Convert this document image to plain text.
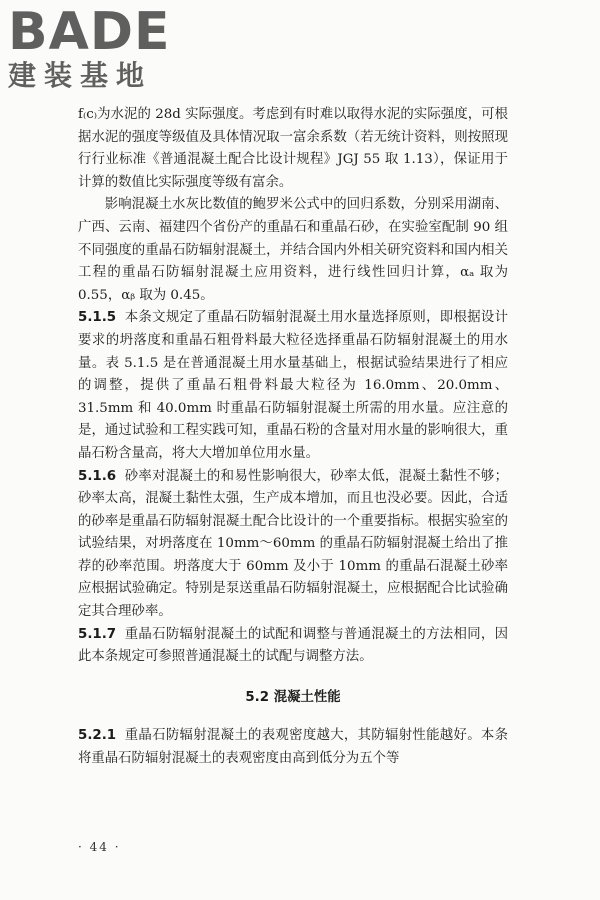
BADE
建装基地

f₍c₎为水泥的 28d 实际强度。考虑到有时难以取得水泥的实际强度，可根据水泥的强度等级值及具体情况取一富余系数（若无统计资料，则按照现行行业标准《普通混凝土配合比设计规程》JGJ 55 取 1.13），保证用于计算的数值比实际强度等级有富余。

影响混凝土水灰比数值的鲍罗米公式中的回归系数，分别采用湖南、广西、云南、福建四个省份产的重晶石和重晶石砂，在实验室配制 90 组不同强度的重晶石防辐射混凝土，并结合国内外相关研究资料和国内相关工程的重晶石防辐射混凝土应用资料，进行线性回归计算，αₐ 取为 0.55，αᵦ 取为 0.45。

5.1.5 本条文规定了重晶石防辐射混凝土用水量选择原则，即根据设计要求的坍落度和重晶石粗骨料最大粒径选择重晶石防辐射混凝土的用水量。表 5.1.5 是在普通混凝土用水量基础上，根据试验结果进行了相应的调整，提供了重晶石粗骨料最大粒径为 16.0mm、20.0mm、31.5mm 和 40.0mm 时重晶石防辐射混凝土所需的用水量。应注意的是，通过试验和工程实践可知，重晶石粉的含量对用水量的影响很大，重晶石粉含量高，将大大增加单位用水量。

5.1.6 砂率对混凝土的和易性影响很大，砂率太低，混凝土黏性不够；砂率太高，混凝土黏性太强，生产成本增加，而且也没必要。因此，合适的砂率是重晶石防辐射混凝土配合比设计的一个重要指标。根据实验室的试验结果，对坍落度在 10mm～60mm 的重晶石防辐射混凝土给出了推荐的砂率范围。坍落度大于 60mm 及小于 10mm 的重晶石混凝土砂率应根据试验确定。特别是泵送重晶石防辐射混凝土，应根据配合比试验确定其合理砂率。

5.1.7 重晶石防辐射混凝土的试配和调整与普通混凝土的方法相同，因此本条规定可参照普通混凝土的试配与调整方法。

5.2 混凝土性能

5.2.1 重晶石防辐射混凝土的表观密度越大，其防辐射性能越好。本条将重晶石防辐射混凝土的表观密度由高到低分为五个等

· 44 ·
